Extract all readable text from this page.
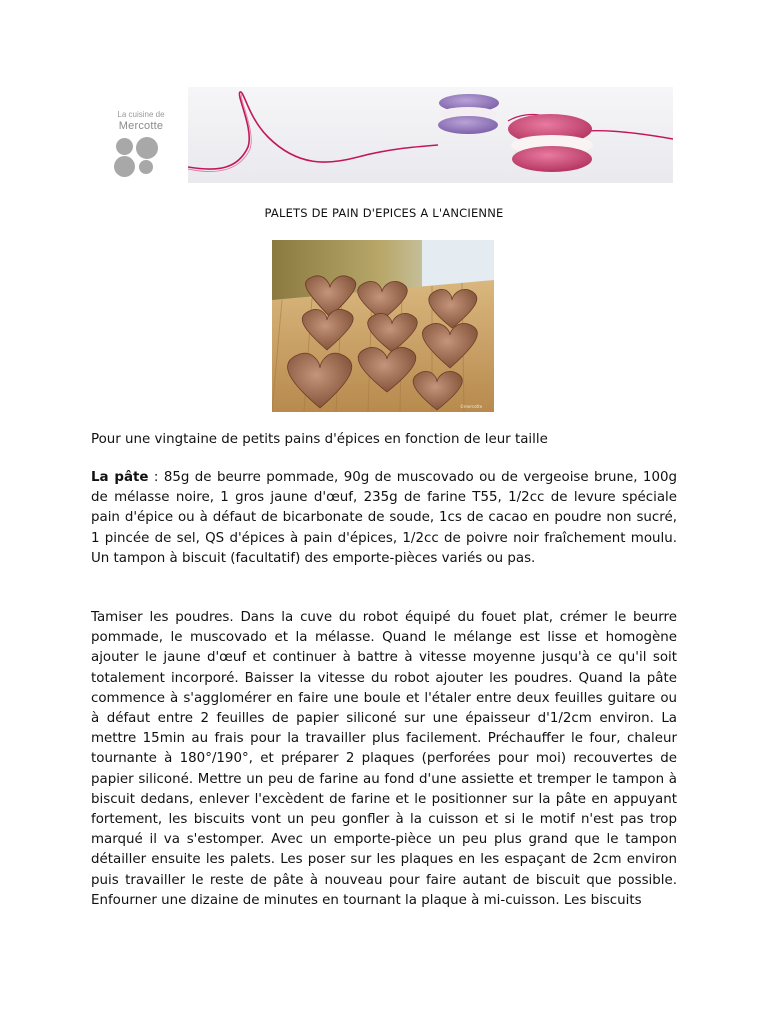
La cuisine de
Mercotte
PALETS DE PAIN D'EPICES A L'ANCIENNE
©mercotte

Pour une vingtaine de petits pains d'épices en fonction de leur taille

La pâte : 85g de beurre pommade, 90g de muscovado ou de vergeoise brune, 100g de mélasse noire, 1 gros jaune d'œuf, 235g de farine T55, 1/2cc de levure spéciale pain d'épice ou à défaut de bicarbonate de soude, 1cs de cacao en poudre non sucré, 1 pincée de sel, QS d'épices à pain d'épices, 1/2cc de poivre noir fraîchement moulu. Un tampon à biscuit (facultatif) des emporte-pièces variés ou pas.

Tamiser les poudres. Dans la cuve du robot équipé du fouet plat, crémer le beurre pommade, le muscovado et la mélasse. Quand le mélange est lisse et homogène ajouter le jaune d'œuf et continuer à battre à vitesse moyenne jusqu'à ce qu'il soit totalement incorporé. Baisser la vitesse du robot ajouter les poudres. Quand la pâte commence à s'agglomérer en faire une boule et l'étaler entre deux feuilles guitare ou à défaut entre 2 feuilles de papier siliconé sur une épaisseur d'1/2cm environ. La mettre 15min au frais pour la travailler plus facilement. Préchauffer le four, chaleur tournante à 180°/190°, et préparer 2 plaques (perforées pour moi) recouvertes de papier siliconé. Mettre un peu de farine au fond d'une assiette et tremper le tampon à biscuit dedans, enlever l'excèdent de farine et le positionner sur la pâte en appuyant fortement, les biscuits vont un peu gonfler à la cuisson et si le motif n'est pas trop marqué il va s'estomper. Avec un emporte-pièce un peu plus grand que le tampon détailler ensuite les palets. Les poser sur les plaques en les espaçant de 2cm environ puis travailler le reste de pâte à nouveau pour faire autant de biscuit que possible. Enfourner une dizaine de minutes en tournant la plaque à mi-cuisson. Les biscuits
